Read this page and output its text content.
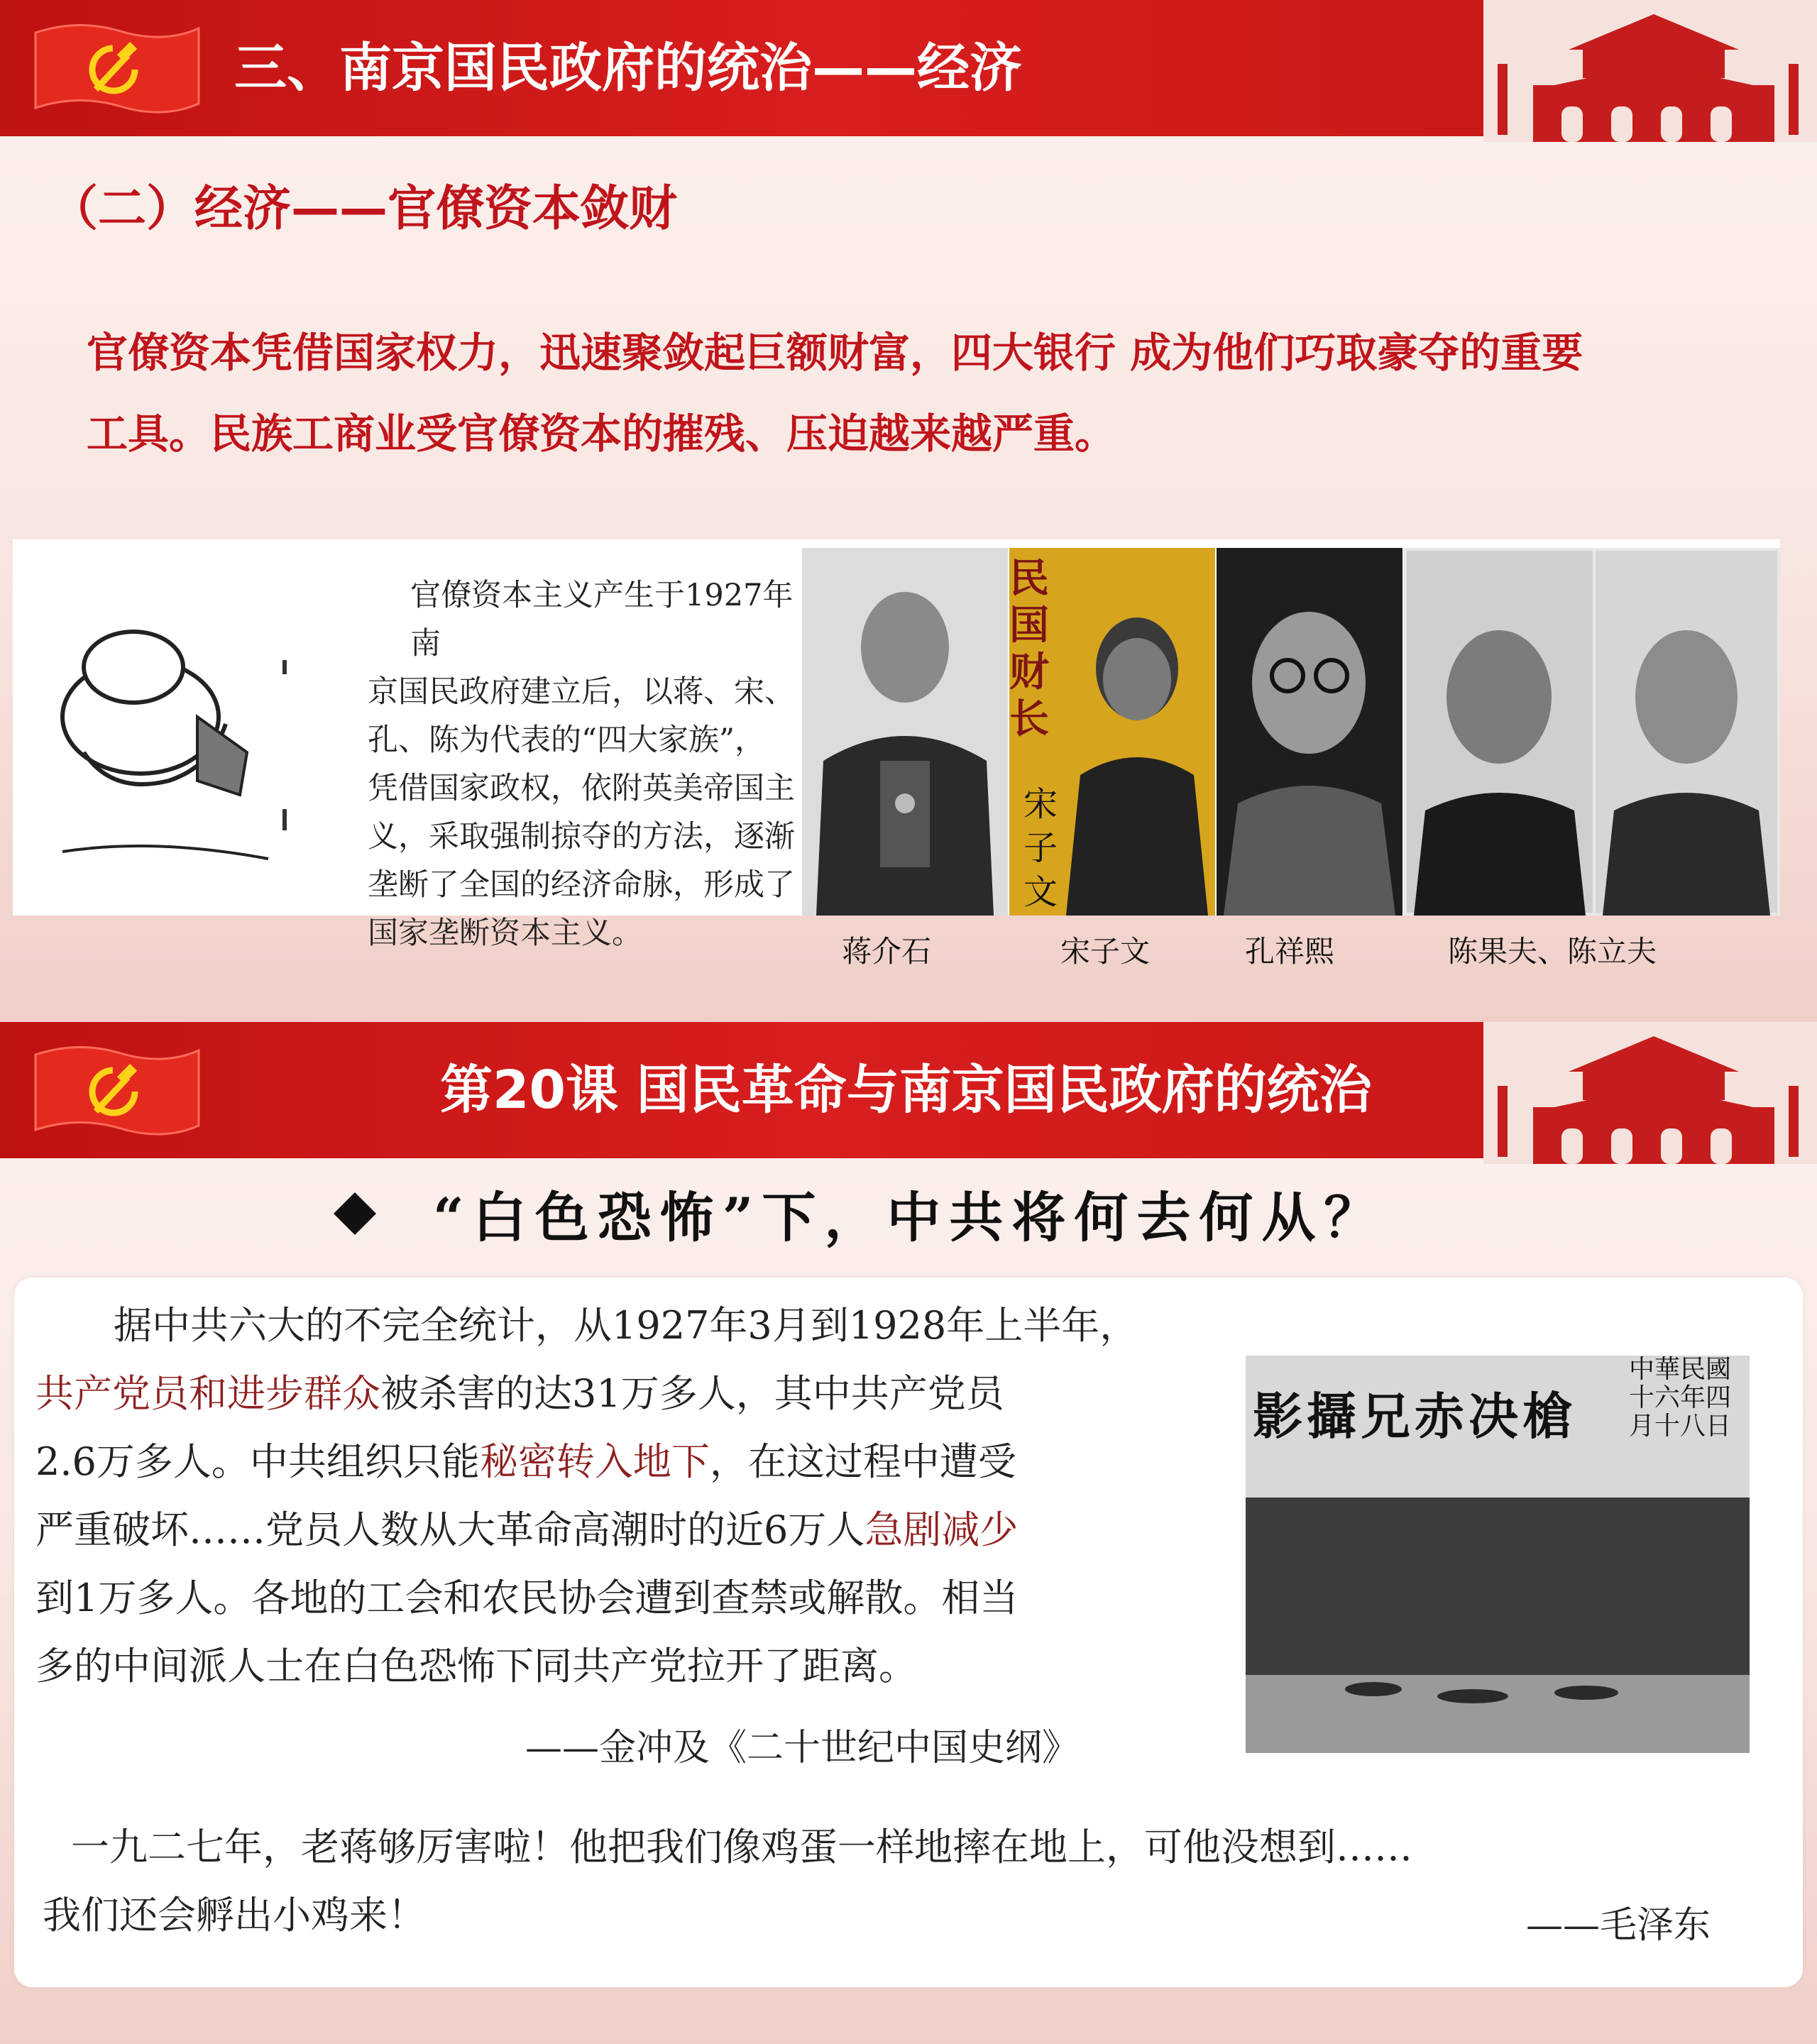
三、南京国民政府的统治——经济
（二）经济——官僚资本敛财
官僚资本凭借国家权力，迅速聚敛起巨额财富，四大银行 成为他们巧取豪夺的重要
工具。民族工商业受官僚资本的摧残、压迫越来越严重。
官僚资本主义产生于1927年南
京国民政府建立后，以蒋、宋、
孔、陈为代表的“四大家族”，
凭借国家政权，依附英美帝国主
义，采取强制掠夺的方法，逐渐
垄断了全国的经济命脉，形成了
国家垄断资本主义。
民国财长
宋子文
蒋介石	宋子文	孔祥熙	陈果夫、陈立夫
第20课 国民革命与南京国民政府的统治
“白色恐怖”下，中共将何去何从？
据中共六大的不完全统计，从1927年3月到1928年上半年，
共产党员和进步群众被杀害的达31万多人，其中共产党员
2.6万多人。中共组织只能秘密转入地下，在这过程中遭受
严重破坏……党员人数从大革命高潮时的近6万人急剧减少
到1万多人。各地的工会和农民协会遭到查禁或解散。相当
多的中间派人士在白色恐怖下同共产党拉开了距离。
——金冲及《二十世纪中国史纲》
影攝兄赤决槍
中華民國十六年四月十八日
一九二七年，老蒋够厉害啦！他把我们像鸡蛋一样地摔在地上，可他没想到……
我们还会孵出小鸡来！	——毛泽东
